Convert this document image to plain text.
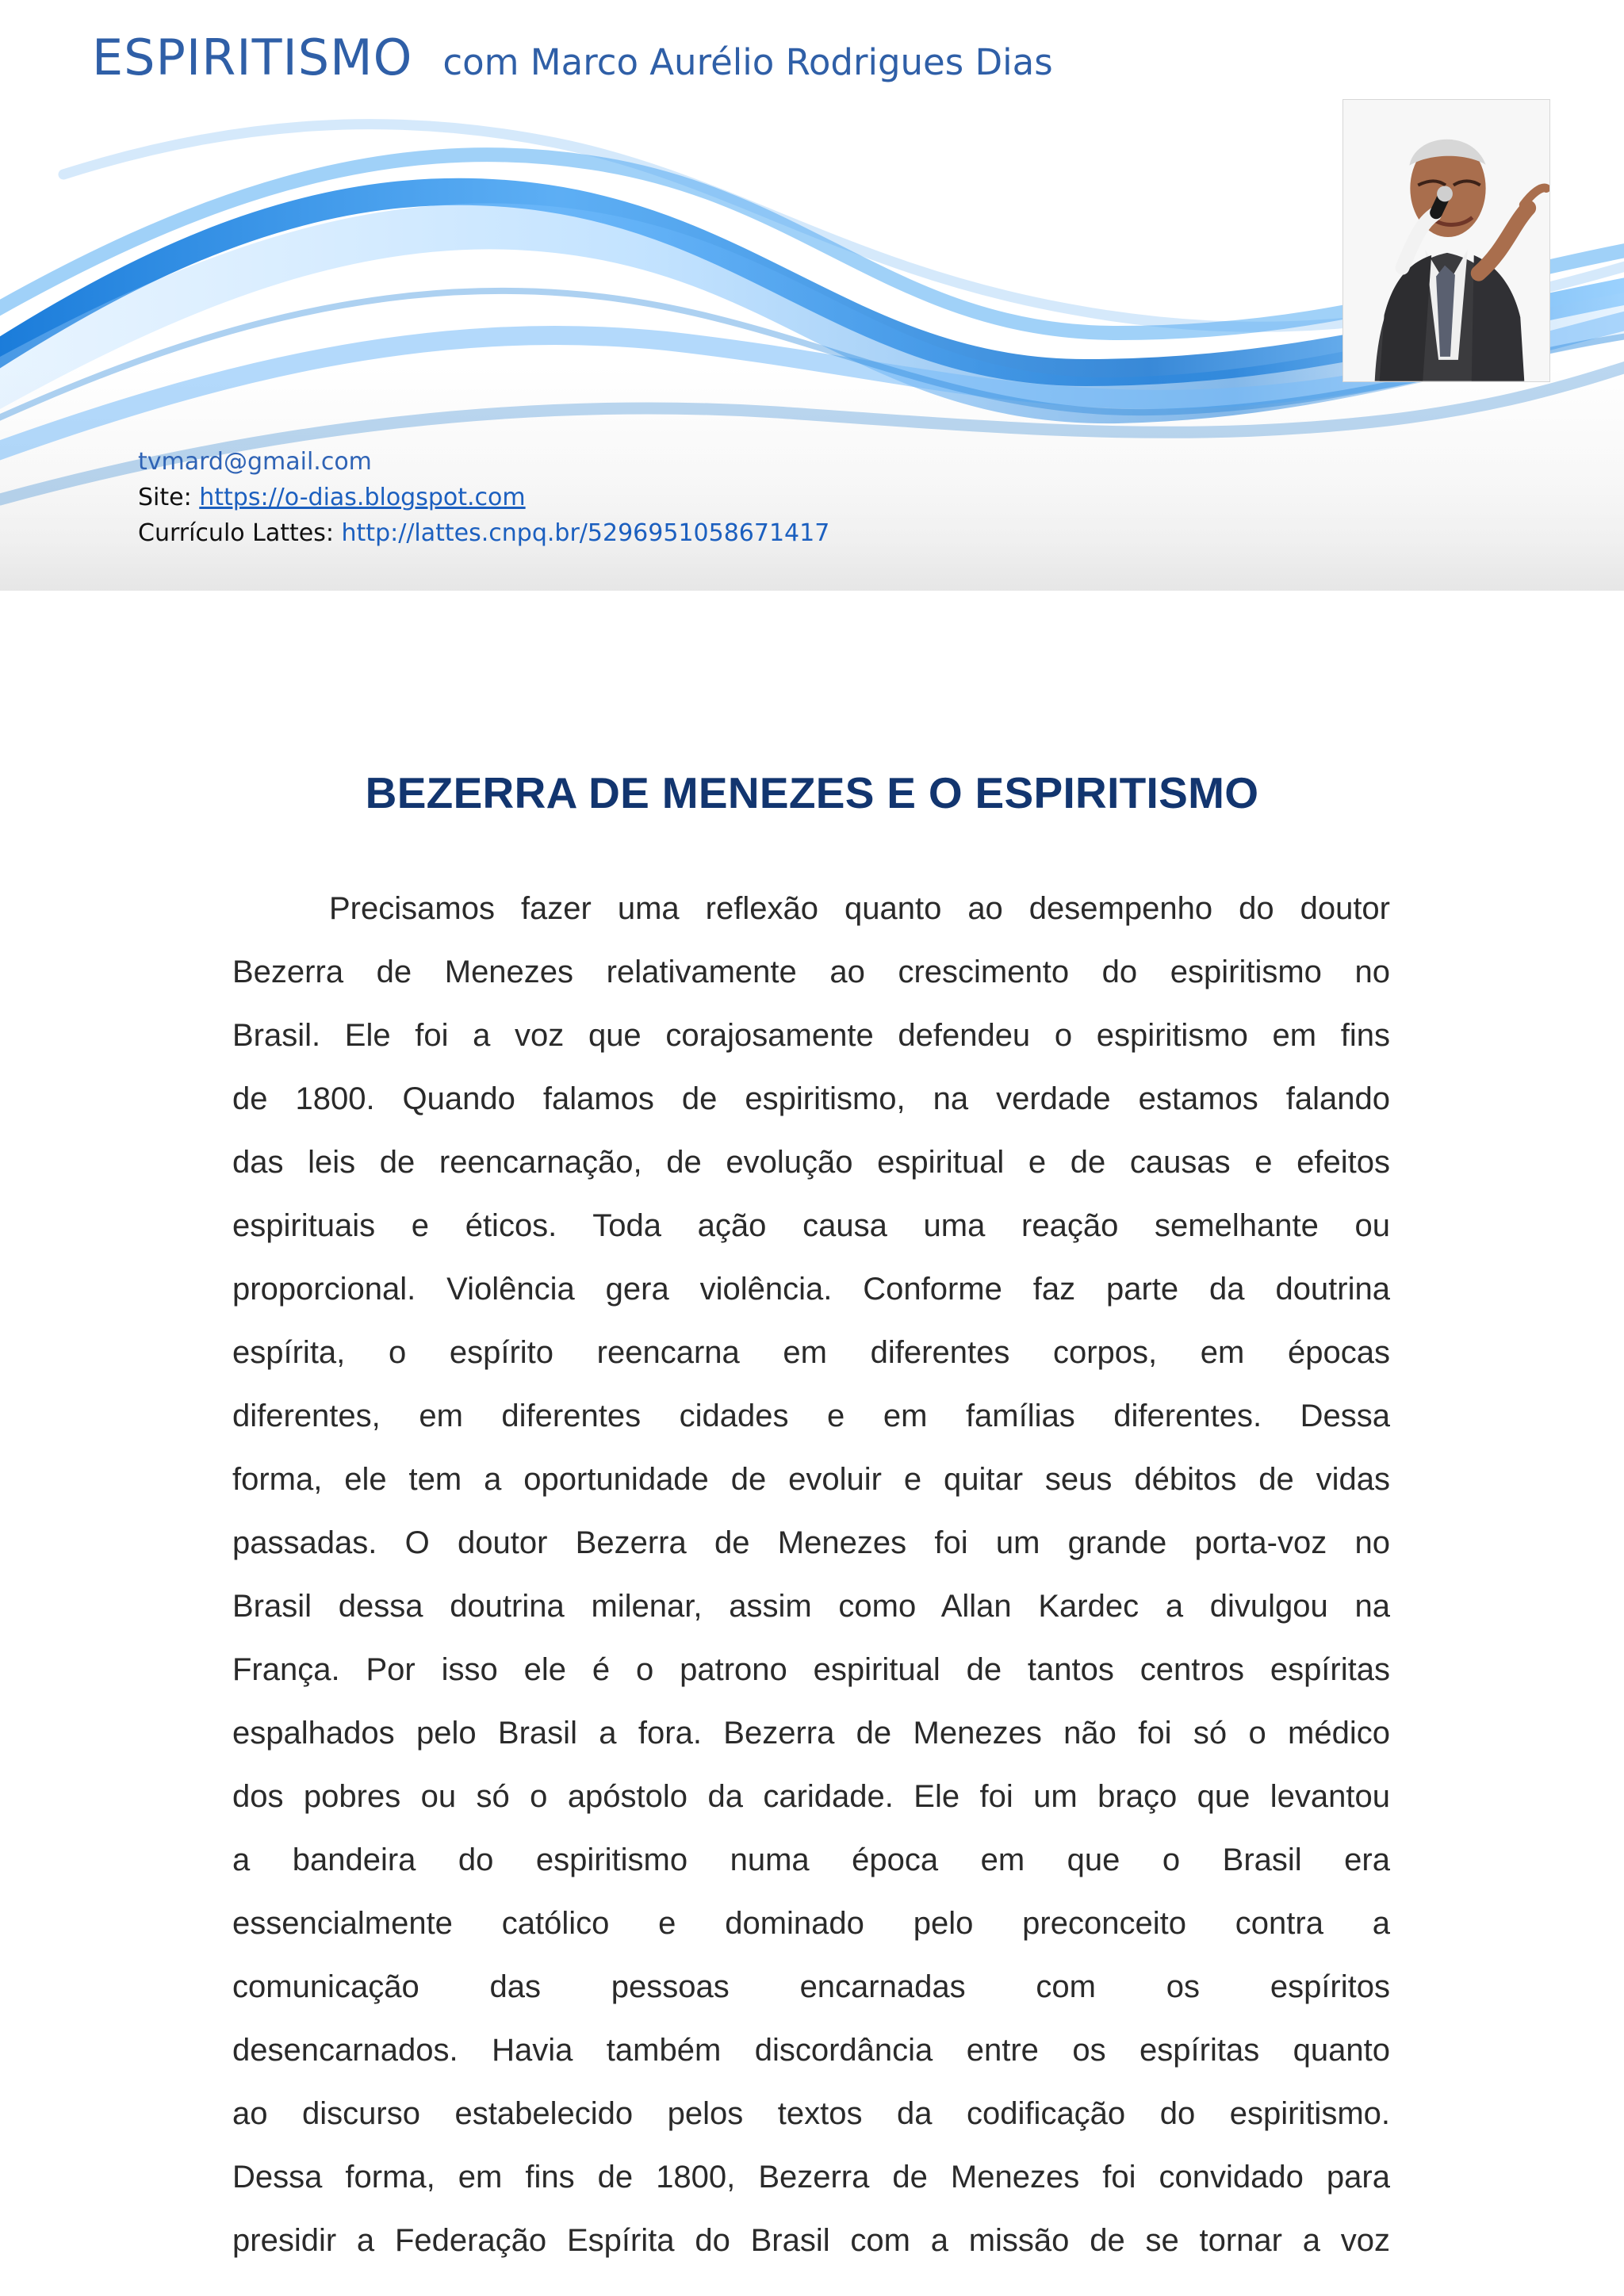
ESPIRITISMO com Marco Aurélio Rodrigues Dias
tvmard@gmail.com
Site: https://o-dias.blogspot.com
Currículo Lattes: http://lattes.cnpq.br/5296951058671417
BEZERRA DE MENEZES E O ESPIRITISMO
Precisamos fazer uma reflexão quanto ao desempenho do doutor
Bezerra de Menezes relativamente ao crescimento do espiritismo no
Brasil. Ele foi a voz que corajosamente defendeu o espiritismo em fins
de 1800. Quando falamos de espiritismo, na verdade estamos falando
das leis de reencarnação, de evolução espiritual e de causas e efeitos
espirituais e éticos. Toda ação causa uma reação semelhante ou
proporcional. Violência gera violência. Conforme faz parte da doutrina
espírita, o espírito reencarna em diferentes corpos, em épocas
diferentes, em diferentes cidades e em famílias diferentes. Dessa
forma, ele tem a oportunidade de evoluir e quitar seus débitos de vidas
passadas. O doutor Bezerra de Menezes foi um grande porta-voz no
Brasil dessa doutrina milenar, assim como Allan Kardec a divulgou na
França. Por isso ele é o patrono espiritual de tantos centros espíritas
espalhados pelo Brasil a fora. Bezerra de Menezes não foi só o médico
dos pobres ou só o apóstolo da caridade. Ele foi um braço que levantou
a bandeira do espiritismo numa época em que o Brasil era
essencialmente católico e dominado pelo preconceito contra a
comunicação das pessoas encarnadas com os espíritos
desencarnados. Havia também discordância entre os espíritas quanto
ao discurso estabelecido pelos textos da codificação do espiritismo.
Dessa forma, em fins de 1800, Bezerra de Menezes foi convidado para
presidir a Federação Espírita do Brasil com a missão de se tornar a voz
